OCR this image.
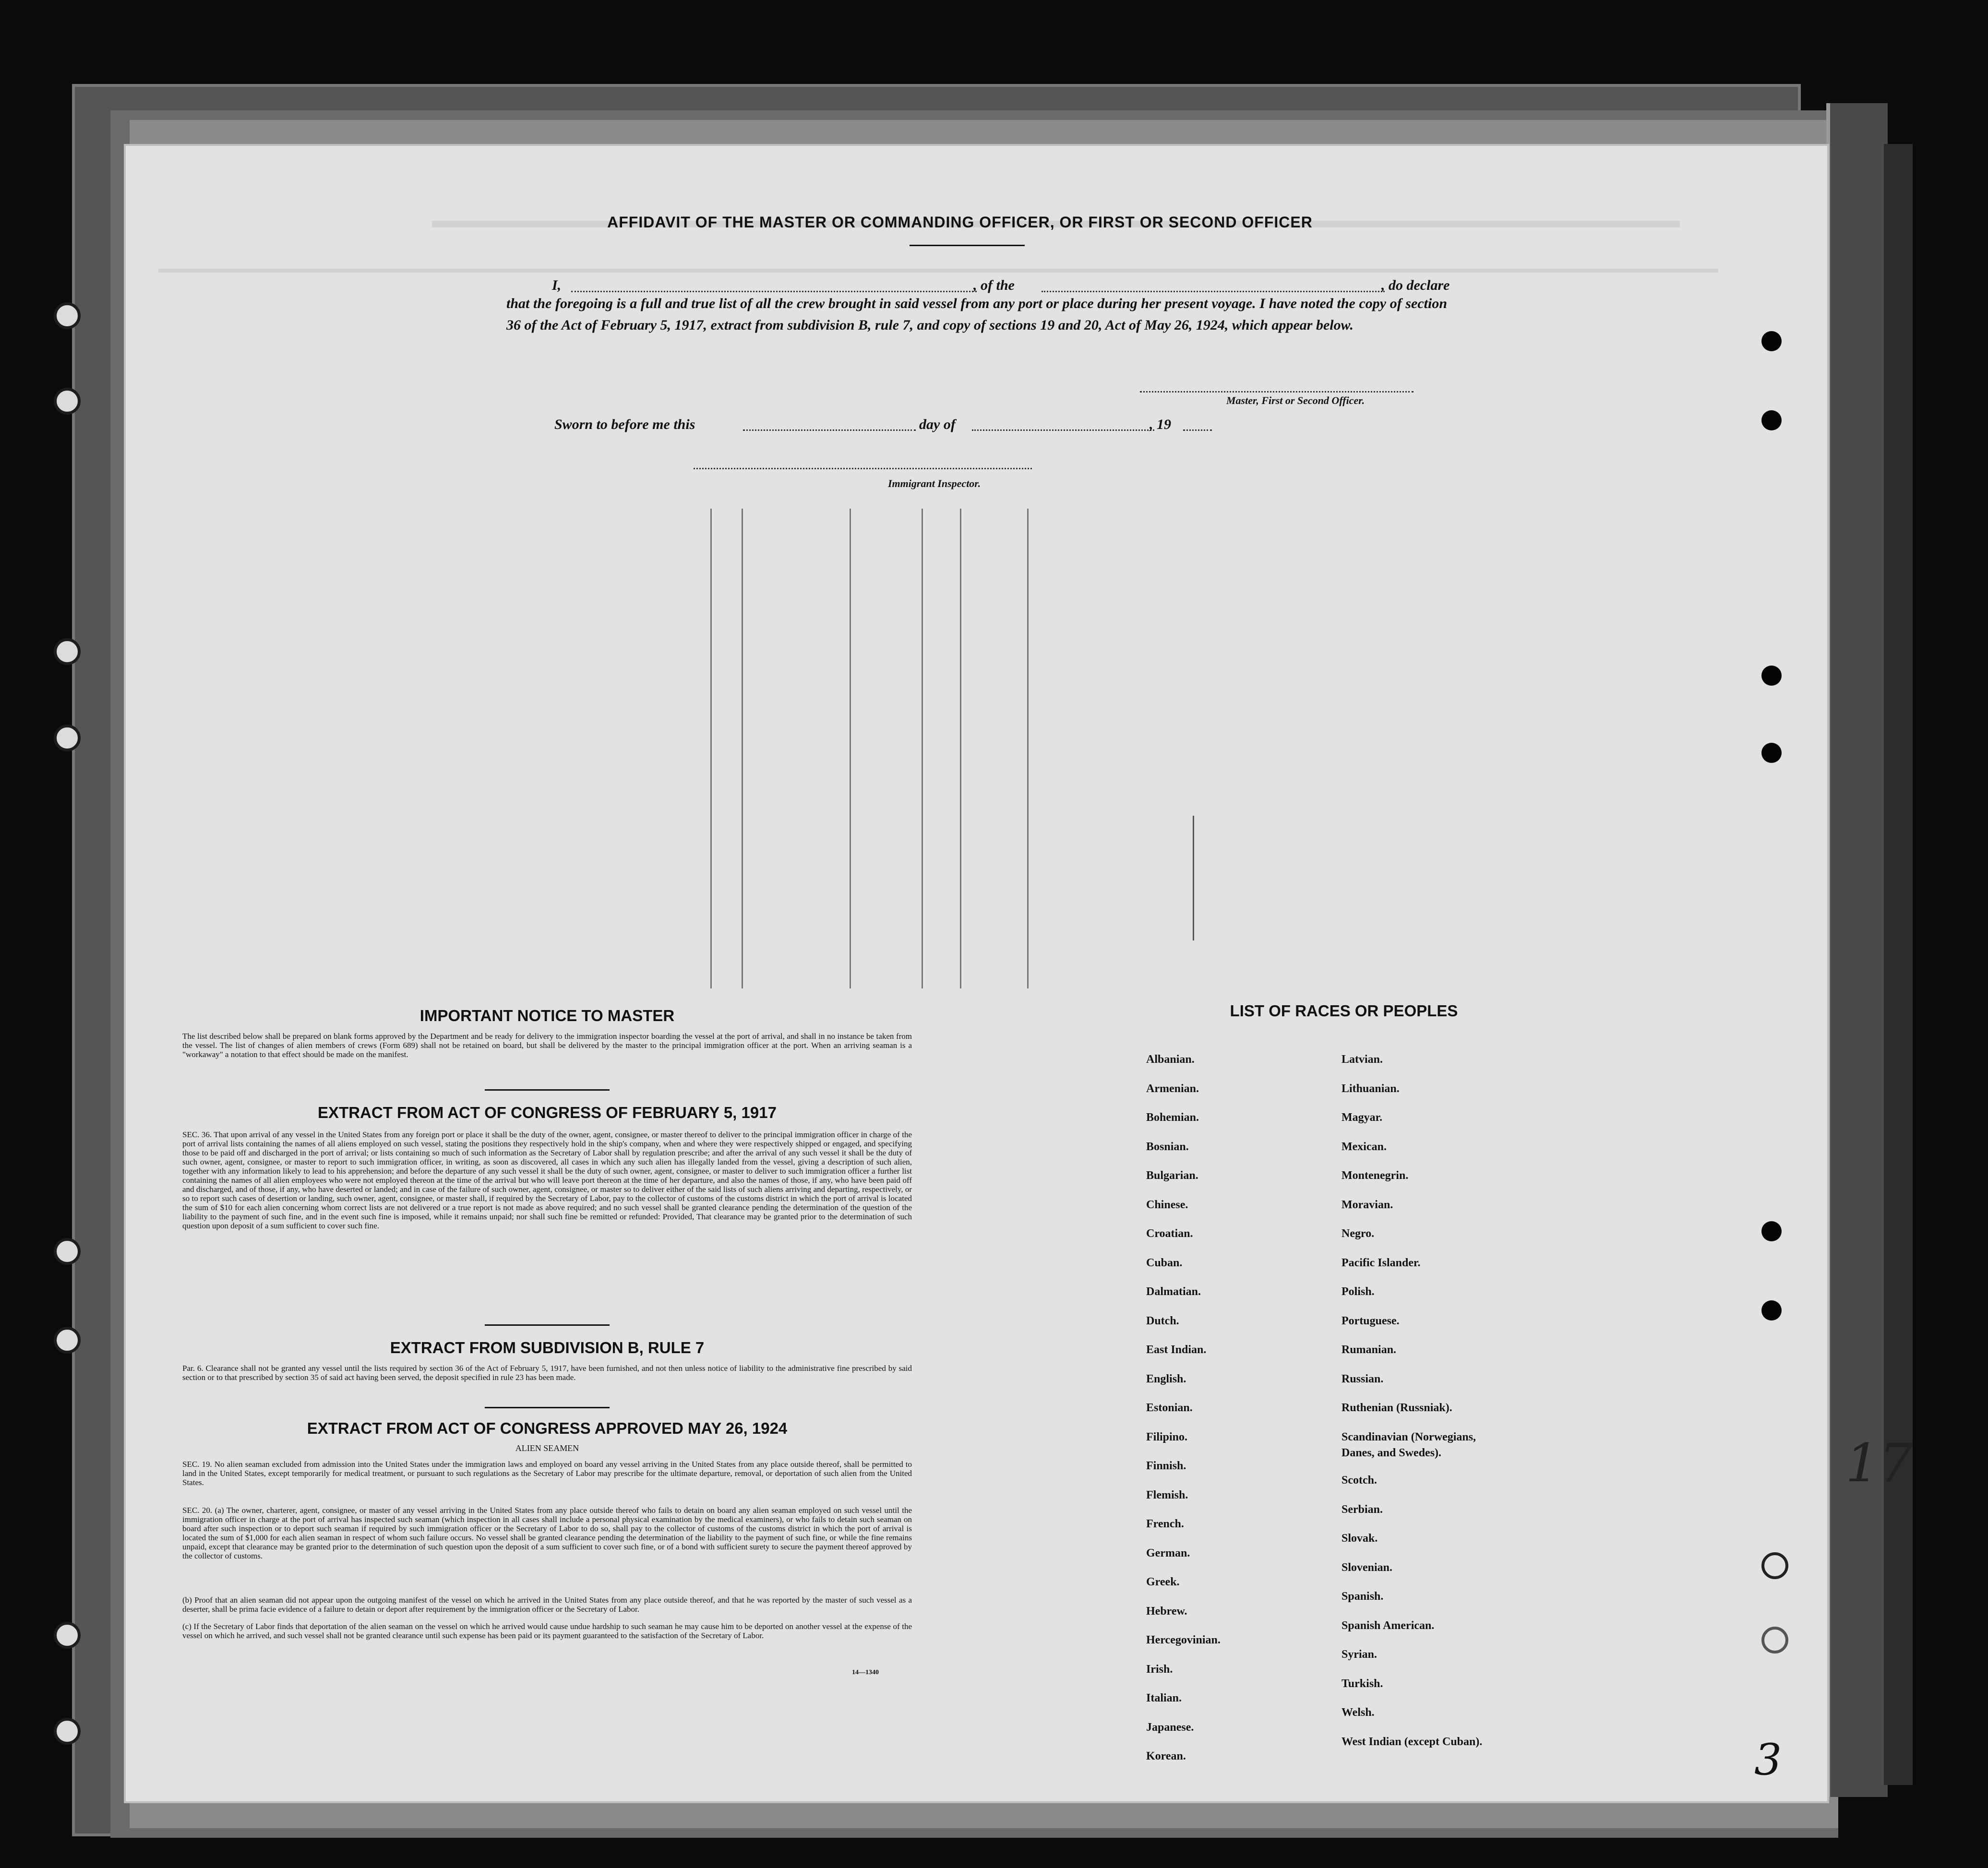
AFFIDAVIT OF THE MASTER OR COMMANDING OFFICER, OR FIRST OR SECOND OFFICER
I,	, of the	, do declare
that the foregoing is a full and true list of all the crew brought in said vessel from any port or place during her present voyage. I have noted the copy of section 36 of the Act of February 5, 1917, extract from subdivision B, rule 7, and copy of sections 19 and 20, Act of May 26, 1924, which appear below.
Master, First or Second Officer.
Sworn to before me this	day of	, 19
Immigrant Inspector.
IMPORTANT NOTICE TO MASTER
The list described below shall be prepared on blank forms approved by the Department and be ready for delivery to the immigration inspector boarding the vessel at the port of arrival, and shall in no instance be taken from the vessel. The list of changes of alien members of crews (Form 689) shall not be retained on board, but shall be delivered by the master to the principal immigration officer at the port. When an arriving seaman is a "workaway" a notation to that effect should be made on the manifest.
EXTRACT FROM ACT OF CONGRESS OF FEBRUARY 5, 1917
SEC. 36. That upon arrival of any vessel in the United States from any foreign port or place it shall be the duty of the owner, agent, consignee, or master thereof to deliver to the principal immigration officer in charge of the port of arrival lists containing the names of all aliens employed on such vessel, stating the positions they respectively hold in the ship's company, when and where they were respectively shipped or engaged, and specifying those to be paid off and discharged in the port of arrival; or lists containing so much of such information as the Secretary of Labor shall by regulation prescribe; and after the arrival of any such vessel it shall be the duty of such owner, agent, consignee, or master to report to such immigration officer, in writing, as soon as discovered, all cases in which any such alien has illegally landed from the vessel, giving a description of such alien, together with any information likely to lead to his apprehension; and before the departure of any such vessel it shall be the duty of such owner, agent, consignee, or master to deliver to such immigration officer a further list containing the names of all alien employees who were not employed thereon at the time of the arrival but who will leave port thereon at the time of her departure, and also the names of those, if any, who have been paid off and discharged, and of those, if any, who have deserted or landed; and in case of the failure of such owner, agent, consignee, or master so to deliver either of the said lists of such aliens arriving and departing, respectively, or so to report such cases of desertion or landing, such owner, agent, consignee, or master shall, if required by the Secretary of Labor, pay to the collector of customs of the customs district in which the port of arrival is located the sum of $10 for each alien concerning whom correct lists are not delivered or a true report is not made as above required; and no such vessel shall be granted clearance pending the determination of the question of the liability to the payment of such fine, and in the event such fine is imposed, while it remains unpaid; nor shall such fine be remitted or refunded: Provided, That clearance may be granted prior to the determination of such question upon deposit of a sum sufficient to cover such fine.
EXTRACT FROM SUBDIVISION B, RULE 7
Par. 6. Clearance shall not be granted any vessel until the lists required by section 36 of the Act of February 5, 1917, have been furnished, and not then unless notice of liability to the administrative fine prescribed by said section or to that prescribed by section 35 of said act having been served, the deposit specified in rule 23 has been made.
EXTRACT FROM ACT OF CONGRESS APPROVED MAY 26, 1924
ALIEN SEAMEN
SEC. 19. No alien seaman excluded from admission into the United States under the immigration laws and employed on board any vessel arriving in the United States from any place outside thereof, shall be permitted to land in the United States, except temporarily for medical treatment, or pursuant to such regulations as the Secretary of Labor may prescribe for the ultimate departure, removal, or deportation of such alien from the United States.
SEC. 20. (a) The owner, charterer, agent, consignee, or master of any vessel arriving in the United States from any place outside thereof who fails to detain on board any alien seaman employed on such vessel until the immigration officer in charge at the port of arrival has inspected such seaman (which inspection in all cases shall include a personal physical examination by the medical examiners), or who fails to detain such seaman on board after such inspection or to deport such seaman if required by such immigration officer or the Secretary of Labor to do so, shall pay to the collector of customs of the customs district in which the port of arrival is located the sum of $1,000 for each alien seaman in respect of whom such failure occurs. No vessel shall be granted clearance pending the determination of the liability to the payment of such fine, or while the fine remains unpaid, except that clearance may be granted prior to the determination of such question upon the deposit of a sum sufficient to cover such fine, or of a bond with sufficient surety to secure the payment thereof approved by the collector of customs.
(b) Proof that an alien seaman did not appear upon the outgoing manifest of the vessel on which he arrived in the United States from any place outside thereof, and that he was reported by the master of such vessel as a deserter, shall be prima facie evidence of a failure to detain or deport after requirement by the immigration officer or the Secretary of Labor.
(c) If the Secretary of Labor finds that deportation of the alien seaman on the vessel on which he arrived would cause undue hardship to such seaman he may cause him to be deported on another vessel at the expense of the vessel on which he arrived, and such vessel shall not be granted clearance until such expense has been paid or its payment guaranteed to the satisfaction of the Secretary of Labor.
14—1340
LIST OF RACES OR PEOPLES
Albanian.
Armenian.
Bohemian.
Bosnian.
Bulgarian.
Chinese.
Croatian.
Cuban.
Dalmatian.
Dutch.
East Indian.
English.
Estonian.
Filipino.
Finnish.
Flemish.
French.
German.
Greek.
Hebrew.
Hercegovinian.
Irish.
Italian.
Japanese.
Korean.
Latvian.
Lithuanian.
Magyar.
Mexican.
Montenegrin.
Moravian.
Negro.
Pacific Islander.
Polish.
Portuguese.
Rumanian.
Russian.
Ruthenian (Russniak).
Scandinavian (Norwegians,
Danes, and Swedes).
Scotch.
Serbian.
Slovak.
Slovenian.
Spanish.
Spanish American.
Syrian.
Turkish.
Welsh.
West Indian (except Cuban).
17
3
